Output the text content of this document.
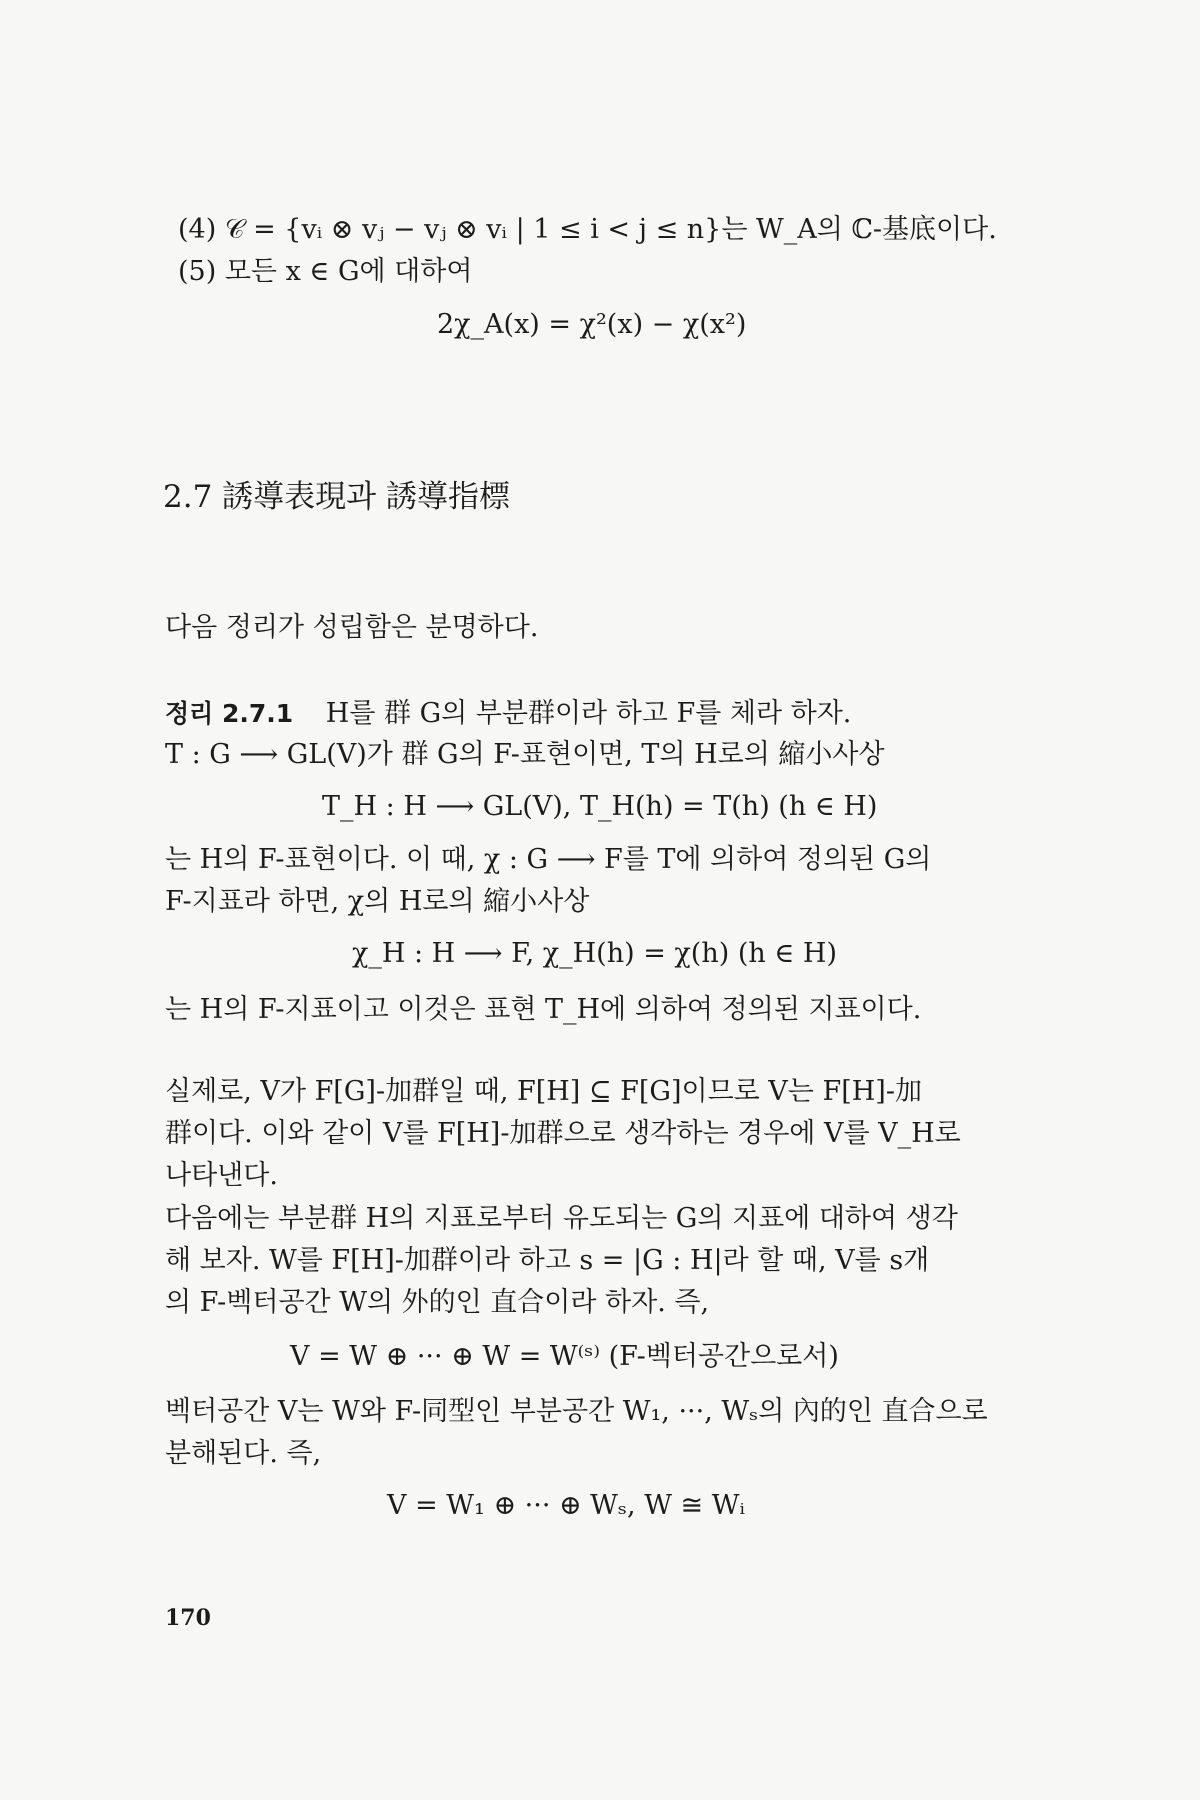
(4) 𝒞 = {vᵢ ⊗ vⱼ − vⱼ ⊗ vᵢ | 1 ≤ i < j ≤ n}는 W_A의 ℂ-基底이다.
(5) 모든 x ∈ G에 대하여
2χ_A(x) = χ²(x) − χ(x²)
2.7 誘導表現과 誘導指標
다음 정리가 성립함은 분명하다.
정리 2.7.1 H를 群 G의 부분群이라 하고 F를 체라 하자.
T : G ⟶ GL(V)가 群 G의 F-표현이면, T의 H로의 縮小사상
T_H : H ⟶ GL(V), T_H(h) = T(h) (h ∈ H)
는 H의 F-표현이다. 이 때, χ : G ⟶ F를 T에 의하여 정의된 G의
F-지표라 하면, χ의 H로의 縮小사상
χ_H : H ⟶ F, χ_H(h) = χ(h) (h ∈ H)
는 H의 F-지표이고 이것은 표현 T_H에 의하여 정의된 지표이다.
실제로, V가 F[G]-加群일 때, F[H] ⊆ F[G]이므로 V는 F[H]-加
群이다. 이와 같이 V를 F[H]-加群으로 생각하는 경우에 V를 V_H로
나타낸다.
다음에는 부분群 H의 지표로부터 유도되는 G의 지표에 대하여 생각
해 보자. W를 F[H]-加群이라 하고 s = |G : H|라 할 때, V를 s개
의 F-벡터공간 W의 外的인 直合이라 하자. 즉,
V = W ⊕ ··· ⊕ W = W⁽ˢ⁾ (F-벡터공간으로서)
벡터공간 V는 W와 F-同型인 부분공간 W₁, ···, Wₛ의 內的인 直合으로
분해된다. 즉,
V = W₁ ⊕ ··· ⊕ Wₛ, W ≅ Wᵢ
170
